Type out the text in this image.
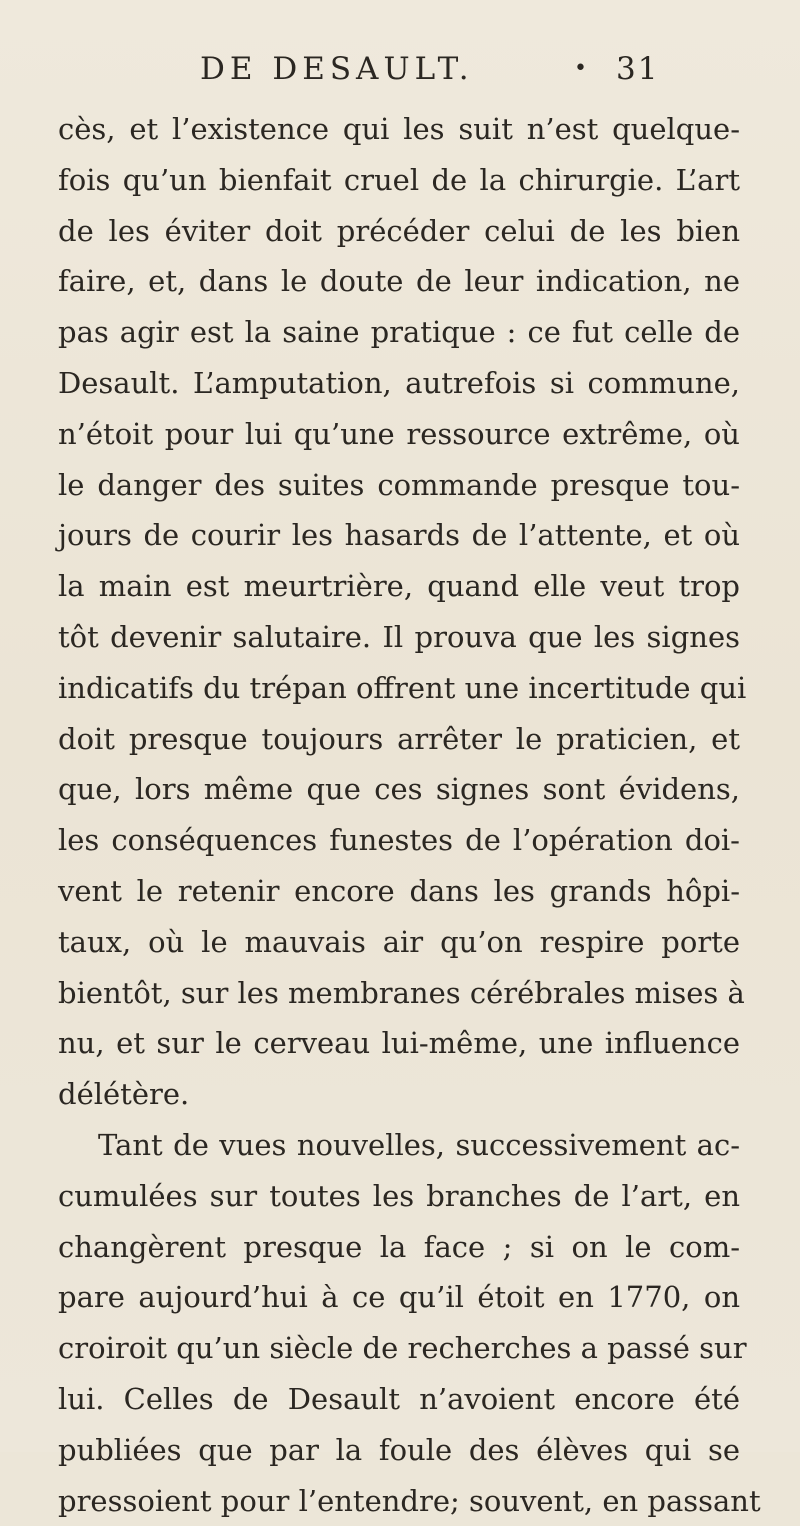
DE DESAULT.	• 31
cès, et l’existence qui les suit n’est quelque-
fois qu’un bienfait cruel de la chirurgie. L’art
de les éviter doit précéder celui de les bien
faire, et, dans le doute de leur indication, ne
pas agir est la saine pratique : ce fut celle de
Desault. L’amputation, autrefois si commune,
n’étoit pour lui qu’une ressource extrême, où
le danger des suites commande presque tou-
jours de courir les hasards de l’attente, et où
la main est meurtrière, quand elle veut trop
tôt devenir salutaire. Il prouva que les signes
indicatifs du trépan offrent une incertitude qui
doit presque toujours arrêter le praticien, et
que, lors même que ces signes sont évidens,
les conséquences funestes de l’opération doi-
vent le retenir encore dans les grands hôpi-
taux, où le mauvais air qu’on respire porte
bientôt, sur les membranes cérébrales mises à
nu, et sur le cerveau lui-même, une influence
délétère.
Tant de vues nouvelles, successivement ac-
cumulées sur toutes les branches de l’art, en
changèrent presque la face ; si on le com-
pare aujourd’hui à ce qu’il étoit en 1770, on
croiroit qu’un siècle de recherches a passé sur
lui. Celles de Desault n’avoient encore été
publiées que par la foule des élèves qui se
pressoient pour l’entendre; souvent, en passant
